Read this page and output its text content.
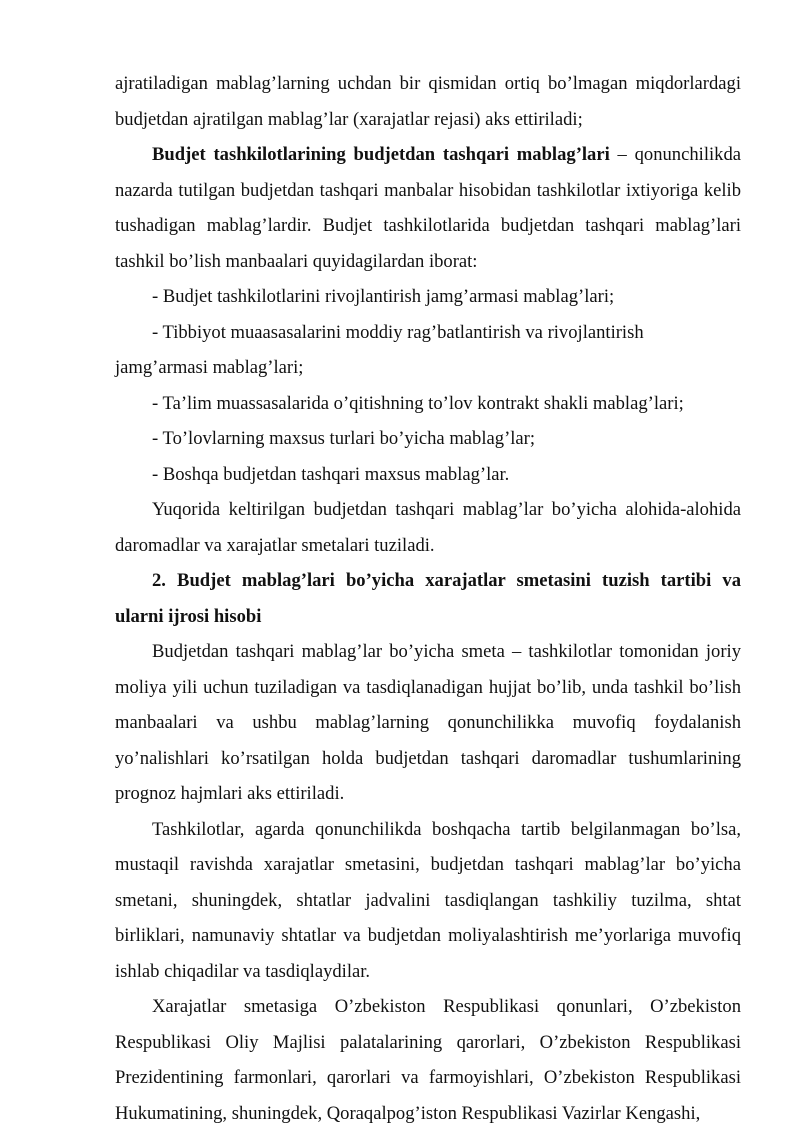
ajratiladigan mablag’larning uchdan bir qismidan ortiq bo’lmagan miqdorlardagi budjetdan ajratilgan mablag’lar (xarajatlar rejasi) aks ettiriladi;

Budjet tashkilotlarining budjetdan tashqari mablag’lari – qonunchilikda nazarda tutilgan budjetdan tashqari manbalar hisobidan tashkilotlar ixtiyoriga kelib tushadigan mablag’lardir. Budjet tashkilotlarida budjetdan tashqari mablag’lari tashkil bo’lish manbaalari quyidagilardan iborat:

- Budjet tashkilotlarini rivojlantirish jamg’armasi mablag’lari;

- Tibbiyot muaasasalarini moddiy rag’batlantirish va rivojlantirish

jamg’armasi mablag’lari;

- Ta’lim muassasalarida o’qitishning to’lov kontrakt shakli mablag’lari;

- To’lovlarning maxsus turlari bo’yicha mablag’lar;

- Boshqa budjetdan tashqari maxsus mablag’lar.

Yuqorida keltirilgan budjetdan tashqari mablag’lar bo’yicha alohida-alohida daromadlar va xarajatlar smetalari tuziladi.

2. Budjet mablag’lari bo’yicha xarajatlar smetasini tuzish tartibi va ularni ijrosi hisobi

Budjetdan tashqari mablag’lar bo’yicha smeta – tashkilotlar tomonidan joriy moliya yili uchun tuziladigan va tasdiqlanadigan hujjat bo’lib, unda tashkil bo’lish manbaalari va ushbu mablag’larning qonunchilikka muvofiq foydalanish yo’nalishlari ko’rsatilgan holda budjetdan tashqari daromadlar tushumlarining prognoz hajmlari aks ettiriladi.

Tashkilotlar, agarda qonunchilikda boshqacha tartib belgilanmagan bo’lsa, mustaqil ravishda xarajatlar smetasini, budjetdan tashqari mablag’lar bo’yicha smetani, shuningdek, shtatlar jadvalini tasdiqlangan tashkiliy tuzilma, shtat birliklari, namunaviy shtatlar va budjetdan moliyalashtirish me’yorlariga muvofiq ishlab chiqadilar va tasdiqlaydilar.

Xarajatlar smetasiga O’zbekiston Respublikasi qonunlari, O’zbekiston Respublikasi Oliy Majlisi palatalarining qarorlari, O’zbekiston Respublikasi Prezidentining farmonlari, qarorlari va farmoyishlari, O’zbekiston Respublikasi Hukumatining, shuningdek, Qoraqalpog’iston Respublikasi Vazirlar Kengashi,
